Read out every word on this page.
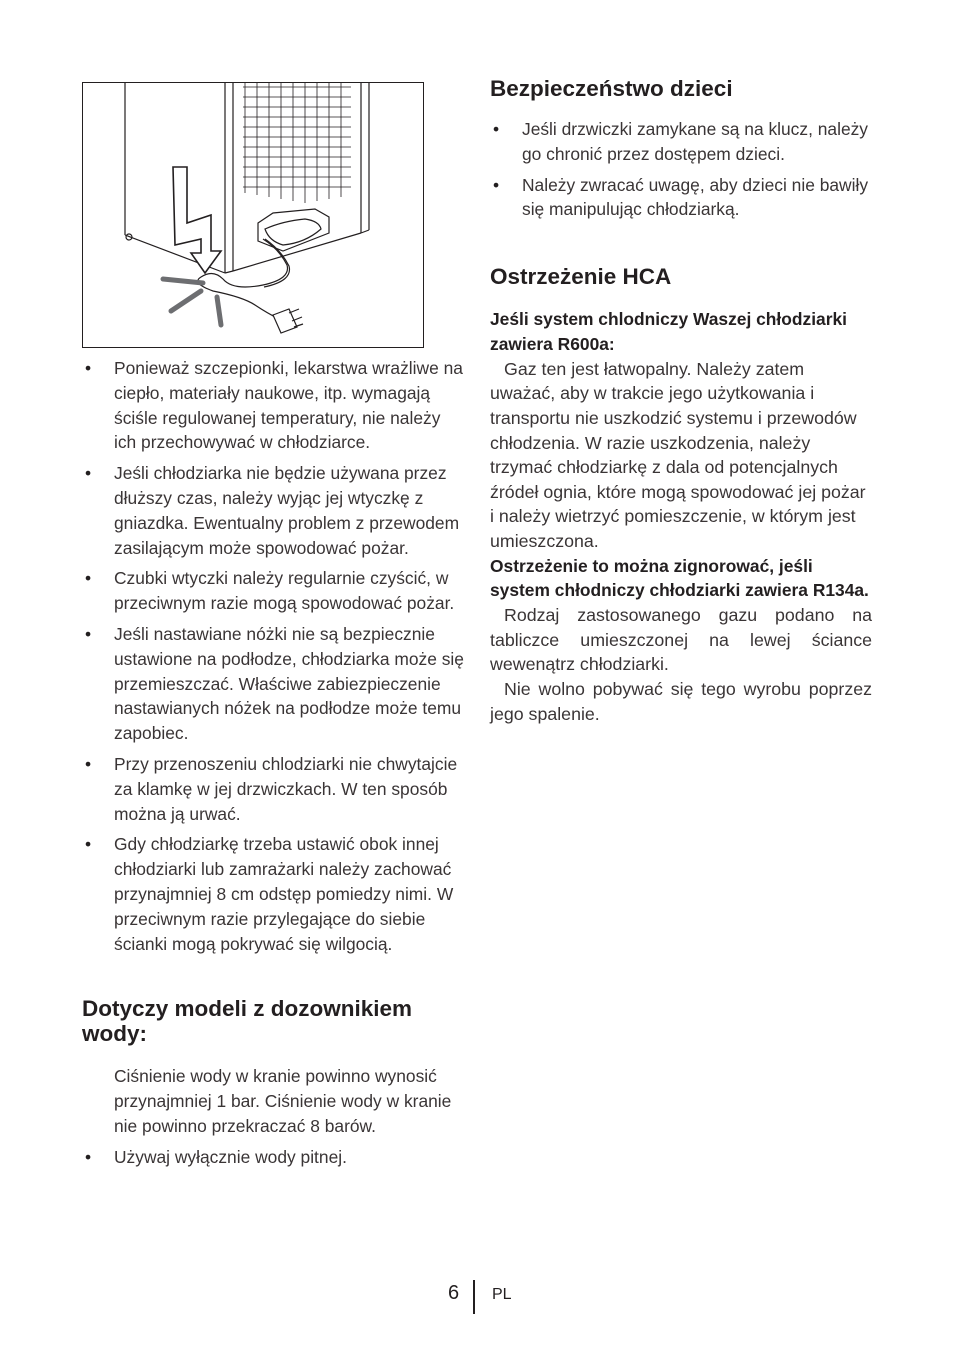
• Ponieważ szczepionki, lekarstwa wrażliwe na ciepło, materiały naukowe, itp. wymagają ściśle regulowanej temperatury, nie należy ich przechowywać w chłodziarce.
• Jeśli chłodziarka nie będzie używana przez dłuższy czas, należy wyjąc jej wtyczkę z gniazdka. Ewentualny problem z przewodem zasilającym może spowodować pożar.
• Czubki wtyczki należy regularnie czyścić, w przeciwnym razie mogą spowodować pożar.
• Jeśli nastawiane nóżki nie są bezpiecznie ustawione na podłodze, chłodziarka może się przemieszczać. Właściwe zabiezpieczenie nastawianych nóżek na podłodze może temu zapobiec.
• Przy przenoszeniu chlodziarki nie chwytajcie za klamkę w jej drzwiczkach. W ten sposób można ją urwać.
• Gdy chłodziarkę trzeba ustawić obok innej chłodziarki lub zamrażarki należy zachować przynajmniej 8 cm odstęp pomiedzy nimi. W przeciwnym razie przylegające do siebie ścianki mogą pokrywać się wilgocią.
Dotyczy modeli z dozownikiem wody:

Ciśnienie wody w kranie powinno wynosić przynajmniej 1 bar. Ciśnienie wody w kranie nie powinno przekraczać 8 barów.

• Używaj wyłącznie wody pitnej.
Bezpieczeństwo dzieci
• Jeśli drzwiczki zamykane są na klucz, należy go chronić przez dostępem dzieci.
• Należy zwracać uwagę, aby dzieci nie bawiły się manipulując chłodziarką.
Ostrzeżenie HCA

Jeśli system chlodniczy Waszej chłodziarki zawiera R600a:

Gaz ten jest łatwopalny. Należy zatem uważać, aby w trakcie jego użytkowania i transportu nie uszkodzić systemu i przewodów chłodzenia. W razie uszkodzenia, należy trzymać chłodziarkę z dala od potencjalnych źródeł ognia, które mogą spowodować jej pożar i należy wietrzyć pomieszczenie, w którym jest umieszczona.

Ostrzeżenie to można zignorować, jeśli system chłodniczy chłodziarki zawiera R134a.

Rodzaj zastosowanego gazu podano na tabliczce umieszczonej na lewej ściance wewenątrz chłodziarki.

Nie wolno pobywać się tego wyrobu poprzez jego spalenie.

6 PL
